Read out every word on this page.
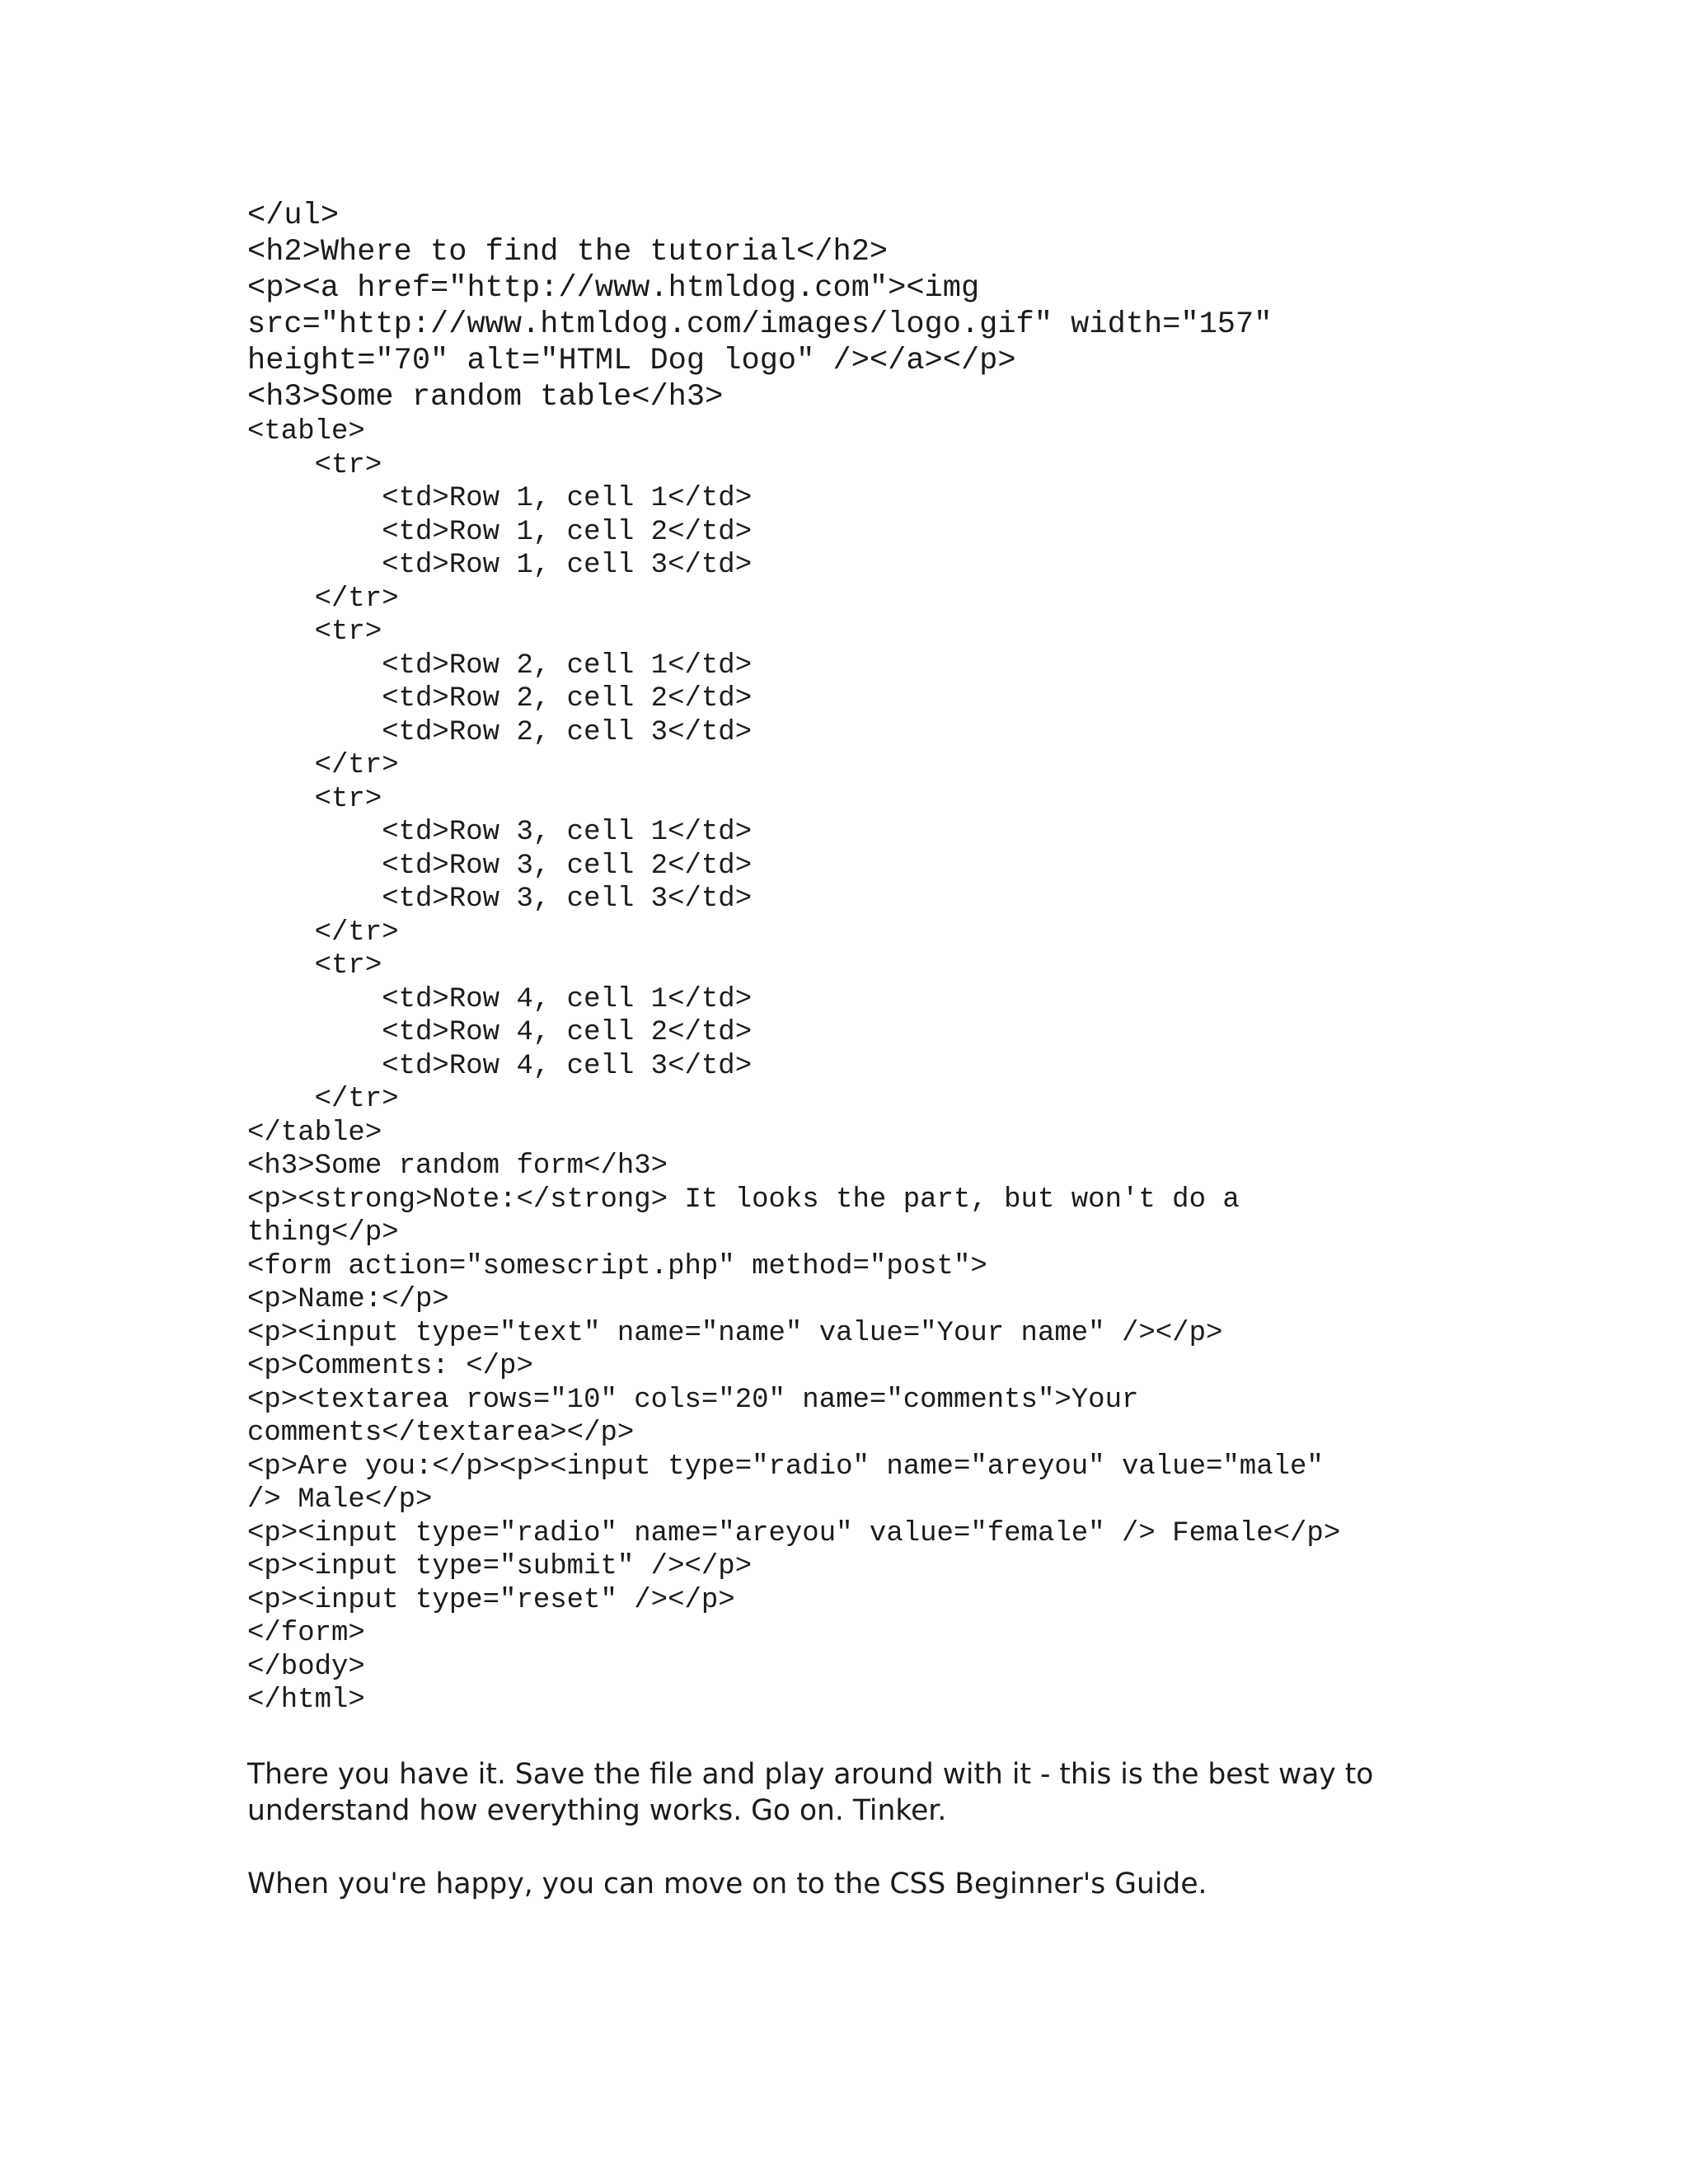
</ul>
<h2>Where to find the tutorial</h2>
<p><a href="http://www.htmldog.com"><img
src="http://www.htmldog.com/images/logo.gif" width="157"
height="70" alt="HTML Dog logo" /></a></p>
<h3>Some random table</h3>
<table>
<tr>
<td>Row 1, cell 1</td>
<td>Row 1, cell 2</td>
<td>Row 1, cell 3</td>
</tr>
<tr>
<td>Row 2, cell 1</td>
<td>Row 2, cell 2</td>
<td>Row 2, cell 3</td>
</tr>
<tr>
<td>Row 3, cell 1</td>
<td>Row 3, cell 2</td>
<td>Row 3, cell 3</td>
</tr>
<tr>
<td>Row 4, cell 1</td>
<td>Row 4, cell 2</td>
<td>Row 4, cell 3</td>
</tr>
</table>
<h3>Some random form</h3>
<p><strong>Note:</strong> It looks the part, but won't do a
thing</p>
<form action="somescript.php" method="post">
<p>Name:</p>
<p><input type="text" name="name" value="Your name" /></p>
<p>Comments: </p>
<p><textarea rows="10" cols="20" name="comments">Your
comments</textarea></p>
<p>Are you:</p><p><input type="radio" name="areyou" value="male"
/> Male</p>
<p><input type="radio" name="areyou" value="female" /> Female</p>
<p><input type="submit" /></p>
<p><input type="reset" /></p>
</form>
</body>
</html>

There you have it. Save the file and play around with it - this is the best way to understand how everything works. Go on. Tinker.

When you're happy, you can move on to the CSS Beginner's Guide.
